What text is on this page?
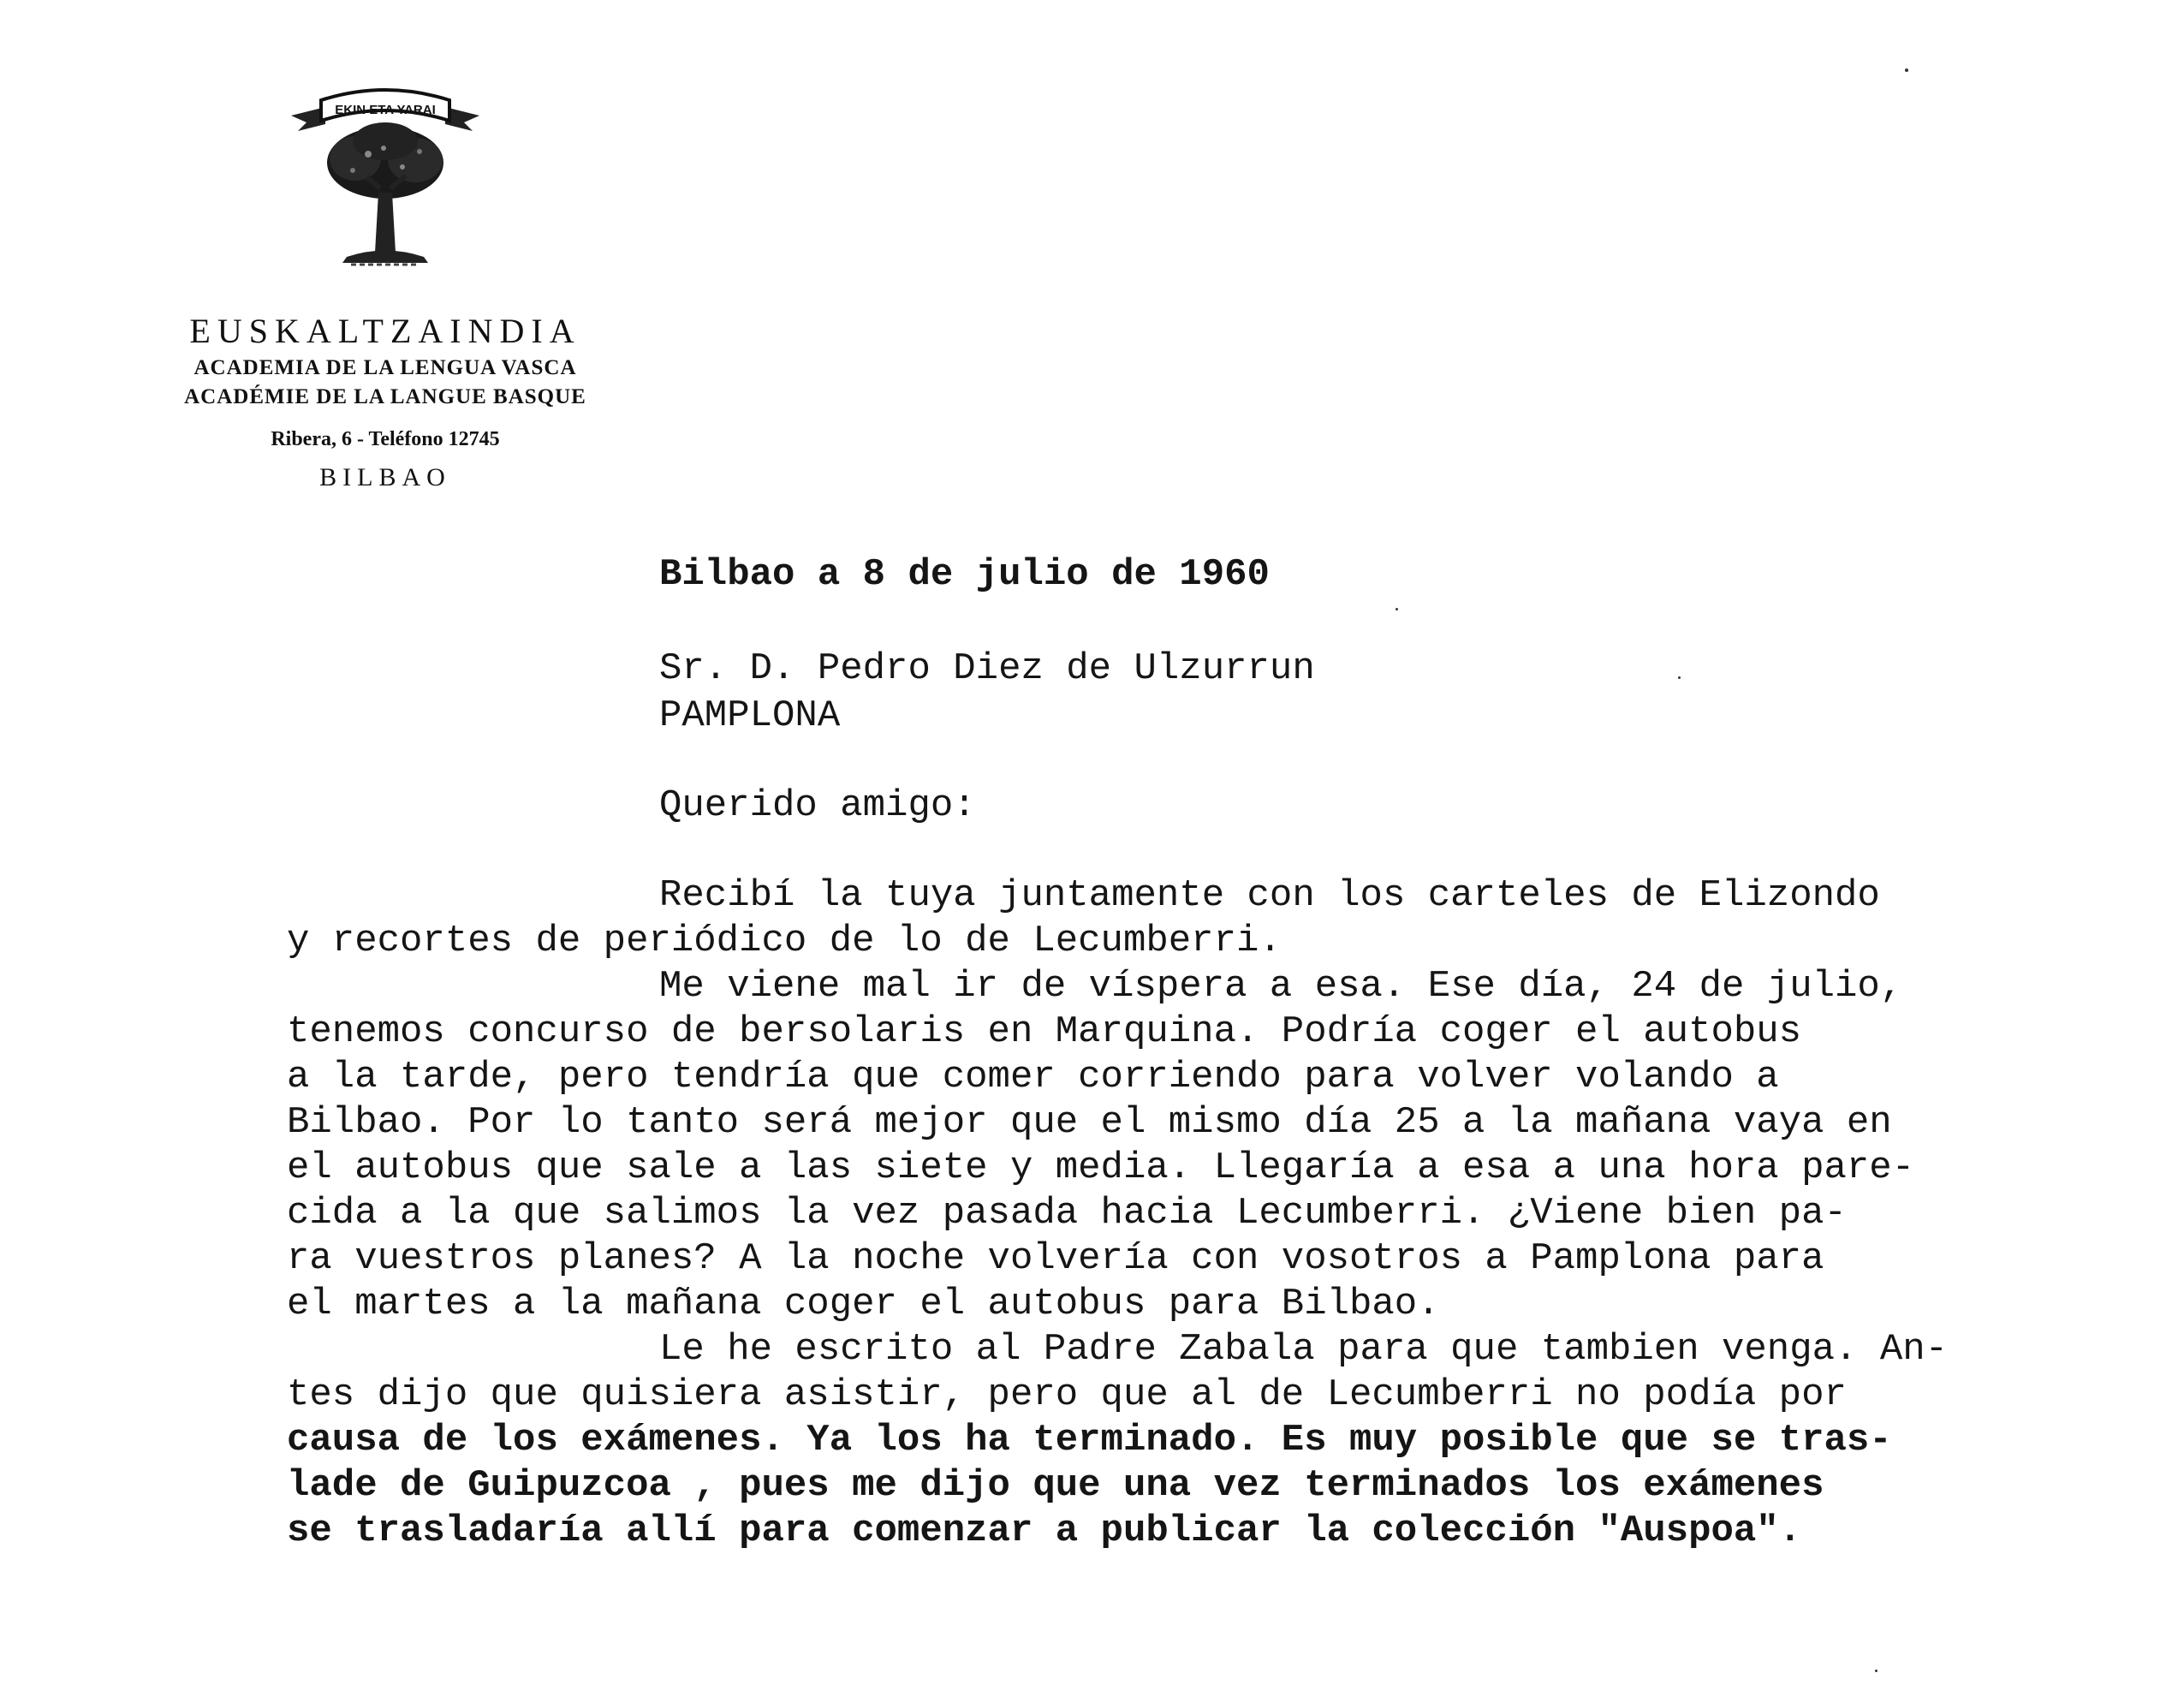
EKIN ETA YARAI
EUSKALTZAINDIA
ACADEMIA DE LA LENGUA VASCA
ACADÉMIE DE LA LANGUE BASQUE
Ribera, 6 - Teléfono 12745
BILBAO
Bilbao a 8 de julio de 1960
Sr. D. Pedro Diez de Ulzurrun
PAMPLONA
Querido amigo:
Recibí la tuya juntamente con los carteles de Elizondo
y recortes de periódico de lo de Lecumberri.
Me viene mal ir de víspera a esa. Ese día, 24 de julio,
tenemos concurso de bersolaris en Marquina. Podría coger el autobus
a la tarde, pero tendría que comer corriendo para volver volando a
Bilbao. Por lo tanto será mejor que el mismo día 25 a la mañana vaya en
el autobus que sale a las siete y media. Llegaría a esa a una hora pare-
cida a la que salimos la vez pasada hacia Lecumberri. ¿Viene bien pa-
ra vuestros planes? A la noche volvería con vosotros a Pamplona para
el martes a la mañana coger el autobus para Bilbao.
Le he escrito al Padre Zabala para que tambien venga. An-
tes dijo que quisiera asistir, pero que al de Lecumberri no podía por
causa de los exámenes. Ya los ha terminado. Es muy posible que se tras-
lade de Guipuzcoa , pues me dijo que una vez terminados los exámenes
se trasladaría allí para comenzar a publicar la colección "Auspoa".
